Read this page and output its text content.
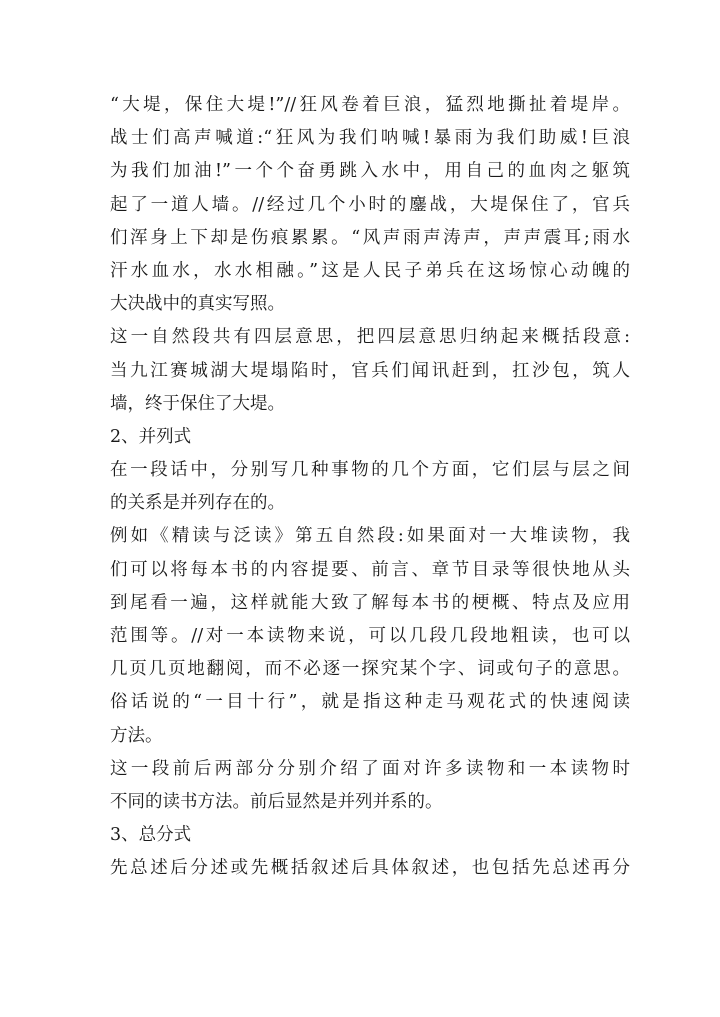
“大堤，保住大堤!”//狂风卷着巨浪，猛烈地撕扯着堤岸。
战士们高声喊道:“狂风为我们呐喊!暴雨为我们助威!巨浪
为我们加油!”一个个奋勇跳入水中，用自己的血肉之躯筑
起了一道人墙。//经过几个小时的鏖战，大堤保住了，官兵
们浑身上下却是伤痕累累。“风声雨声涛声，声声震耳;雨水
汗水血水，水水相融。”这是人民子弟兵在这场惊心动魄的
大决战中的真实写照。
这一自然段共有四层意思，把四层意思归纳起来概括段意:
当九江赛城湖大堤塌陷时，官兵们闻讯赶到，扛沙包，筑人
墙，终于保住了大堤。
2、并列式
在一段话中，分别写几种事物的几个方面，它们层与层之间
的关系是并列存在的。
例如《精读与泛读》第五自然段:如果面对一大堆读物，我
们可以将每本书的内容提要、前言、章节目录等很快地从头
到尾看一遍，这样就能大致了解每本书的梗概、特点及应用
范围等。//对一本读物来说，可以几段几段地粗读，也可以
几页几页地翻阅，而不必逐一探究某个字、词或句子的意思。
俗话说的“一目十行”，就是指这种走马观花式的快速阅读
方法。
这一段前后两部分分别介绍了面对许多读物和一本读物时
不同的读书方法。前后显然是并列并系的。
3、总分式
先总述后分述或先概括叙述后具体叙述，也包括先总述再分
